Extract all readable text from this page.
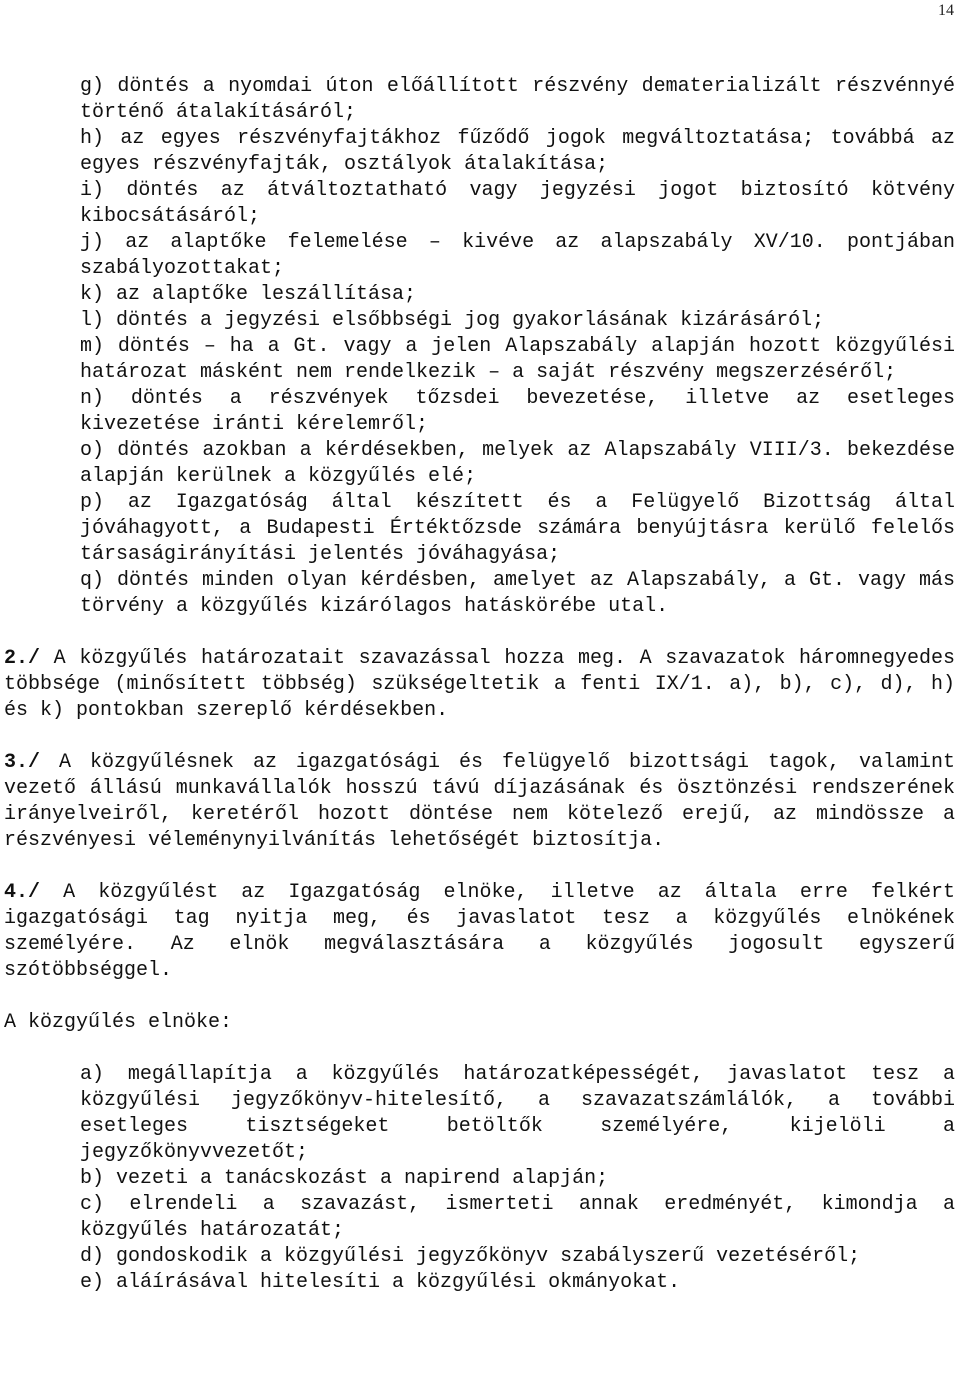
14

g) döntés a nyomdai úton előállított részvény dematerializált részvénnyé történő átalakításáról;

h) az egyes részvényfajtákhoz fűződő jogok megváltoztatása; továbbá az egyes részvényfajták, osztályok átalakítása;

i) döntés az átváltoztatható vagy jegyzési jogot biztosító kötvény kibocsátásáról;

j) az alaptőke felemelése – kivéve az alapszabály XV/10. pontjában szabályozottakat;

k) az alaptőke leszállítása;

l) döntés a jegyzési elsőbbségi jog gyakorlásának kizárásáról;

m) döntés – ha a Gt. vagy a jelen Alapszabály alapján hozott közgyűlési határozat másként nem rendelkezik – a saját részvény megszerzéséről;

n) döntés a részvények tőzsdei bevezetése, illetve az esetleges kivezetése iránti kérelemről;

o) döntés azokban a kérdésekben, melyek az Alapszabály VIII/3. bekezdése alapján kerülnek a közgyűlés elé;

p) az Igazgatóság által készített és a Felügyelő Bizottság által jóváhagyott, a Budapesti Értéktőzsde számára benyújtásra kerülő felelős társaságirányítási jelentés jóváhagyása;

q) döntés minden olyan kérdésben, amelyet az Alapszabály, a Gt. vagy más törvény a közgyűlés kizárólagos hatáskörébe utal.

2./ A közgyűlés határozatait szavazással hozza meg. A szavazatok háromnegyedes többsége (minősített többség) szükségeltetik a fenti IX/1. a), b), c), d), h) és k) pontokban szereplő kérdésekben.

3./ A közgyűlésnek az igazgatósági és felügyelő bizottsági tagok, valamint vezető állású munkavállalók hosszú távú díjazásának és ösztönzési rendszerének irányelveiről, keretéről hozott döntése nem kötelező erejű, az mindössze a részvényesi véleménynyilvánítás lehetőségét biztosítja.

4./ A közgyűlést az Igazgatóság elnöke, illetve az általa erre felkért igazgatósági tag nyitja meg, és javaslatot tesz a közgyűlés elnökének személyére. Az elnök megválasztására a közgyűlés jogosult egyszerű szótöbbséggel.

A közgyűlés elnöke:

a) megállapítja a közgyűlés határozatképességét, javaslatot tesz a közgyűlési jegyzőkönyv-hitelesítő, a szavazatszámlálók, a további esetleges tisztségeket betöltők személyére, kijelöli a jegyzőkönyvvezetőt;

b) vezeti a tanácskozást a napirend alapján;

c) elrendeli a szavazást, ismerteti annak eredményét, kimondja a közgyűlés határozatát;

d) gondoskodik a közgyűlési jegyzőkönyv szabályszerű vezetéséről;

e) aláírásával hitelesíti a közgyűlési okmányokat.
